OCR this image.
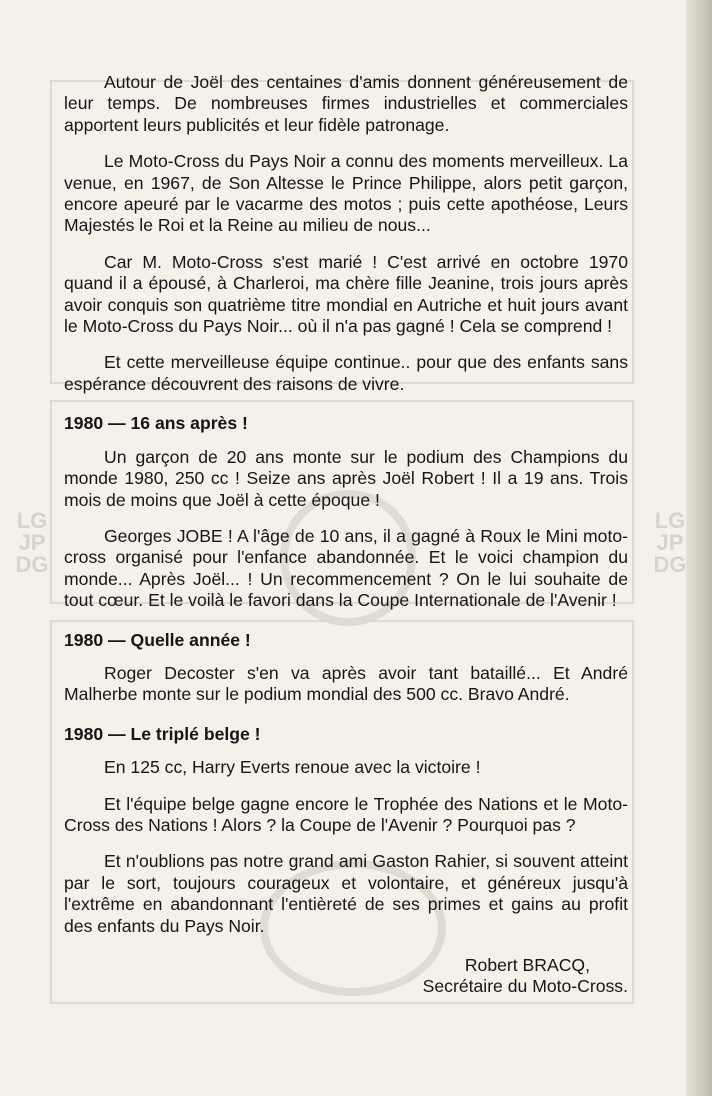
LG JP DG
LG JP DG

Autour de Joël des centaines d'amis donnent généreusement de leur temps. De nombreuses firmes industrielles et commerciales apportent leurs publicités et leur fidèle patronage.

Le Moto-Cross du Pays Noir a connu des moments merveilleux. La venue, en 1967, de Son Altesse le Prince Philippe, alors petit garçon, encore apeuré par le vacarme des motos ; puis cette apothéose, Leurs Majestés le Roi et la Reine au milieu de nous...

Car M. Moto-Cross s'est marié ! C'est arrivé en octobre 1970 quand il a épousé, à Charleroi, ma chère fille Jeanine, trois jours après avoir conquis son quatrième titre mondial en Autriche et huit jours avant le Moto-Cross du Pays Noir... où il n'a pas gagné ! Cela se comprend !

Et cette merveilleuse équipe continue.. pour que des enfants sans espérance découvrent des raisons de vivre.

1980 — 16 ans après !

Un garçon de 20 ans monte sur le podium des Champions du monde 1980, 250 cc ! Seize ans après Joël Robert ! Il a 19 ans. Trois mois de moins que Joël à cette époque !

Georges JOBE ! A l'âge de 10 ans, il a gagné à Roux le Mini moto-cross organisé pour l'enfance abandonnée. Et le voici champion du monde... Après Joël... ! Un recommencement ? On le lui souhaite de tout cœur. Et le voilà le favori dans la Coupe Internationale de l'Avenir !

1980 — Quelle année !

Roger Decoster s'en va après avoir tant bataillé... Et André Malherbe monte sur le podium mondial des 500 cc. Bravo André.

1980 — Le triplé belge !

En 125 cc, Harry Everts renoue avec la victoire !

Et l'équipe belge gagne encore le Trophée des Nations et le Moto-Cross des Nations ! Alors ? la Coupe de l'Avenir ? Pourquoi pas ?

Et n'oublions pas notre grand ami Gaston Rahier, si souvent atteint par le sort, toujours courageux et volontaire, et généreux jusqu'à l'extrême en abandonnant l'entièreté de ses primes et gains au profit des enfants du Pays Noir.

Robert BRACQ,
Secrétaire du Moto-Cross.
